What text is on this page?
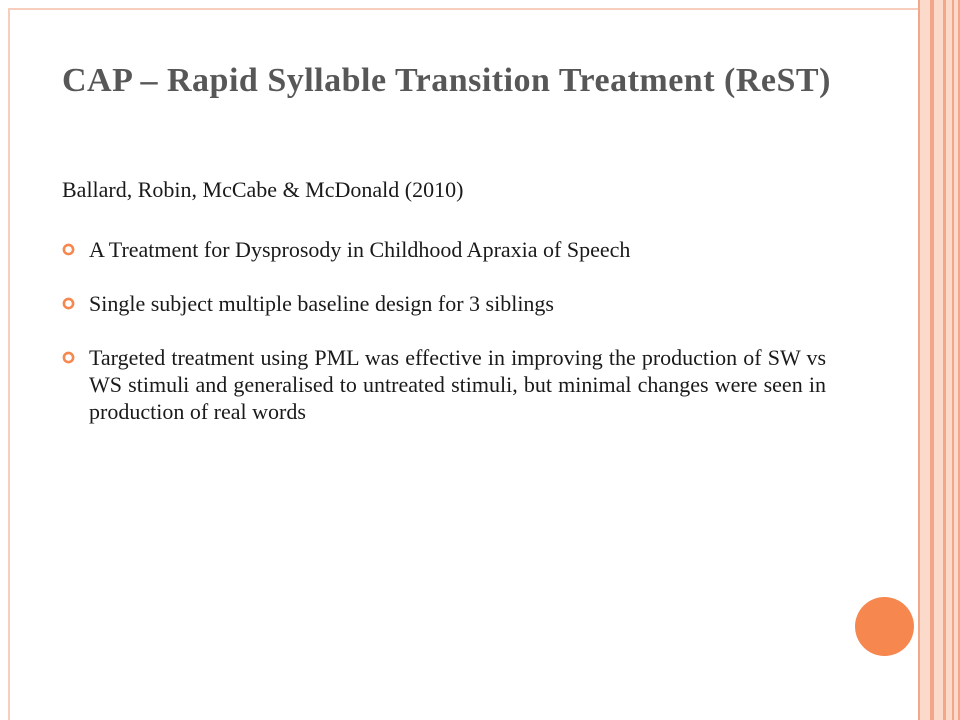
CAP – Rapid Syllable Transition Treatment (ReST)

Ballard, Robin, McCabe & McDonald (2010)

A Treatment for Dysprosody in Childhood Apraxia of Speech
Single subject multiple baseline design for 3 siblings
Targeted treatment using PML was effective in improving the production of SW vs WS stimuli and generalised to untreated stimuli, but minimal changes were seen in production of real words
